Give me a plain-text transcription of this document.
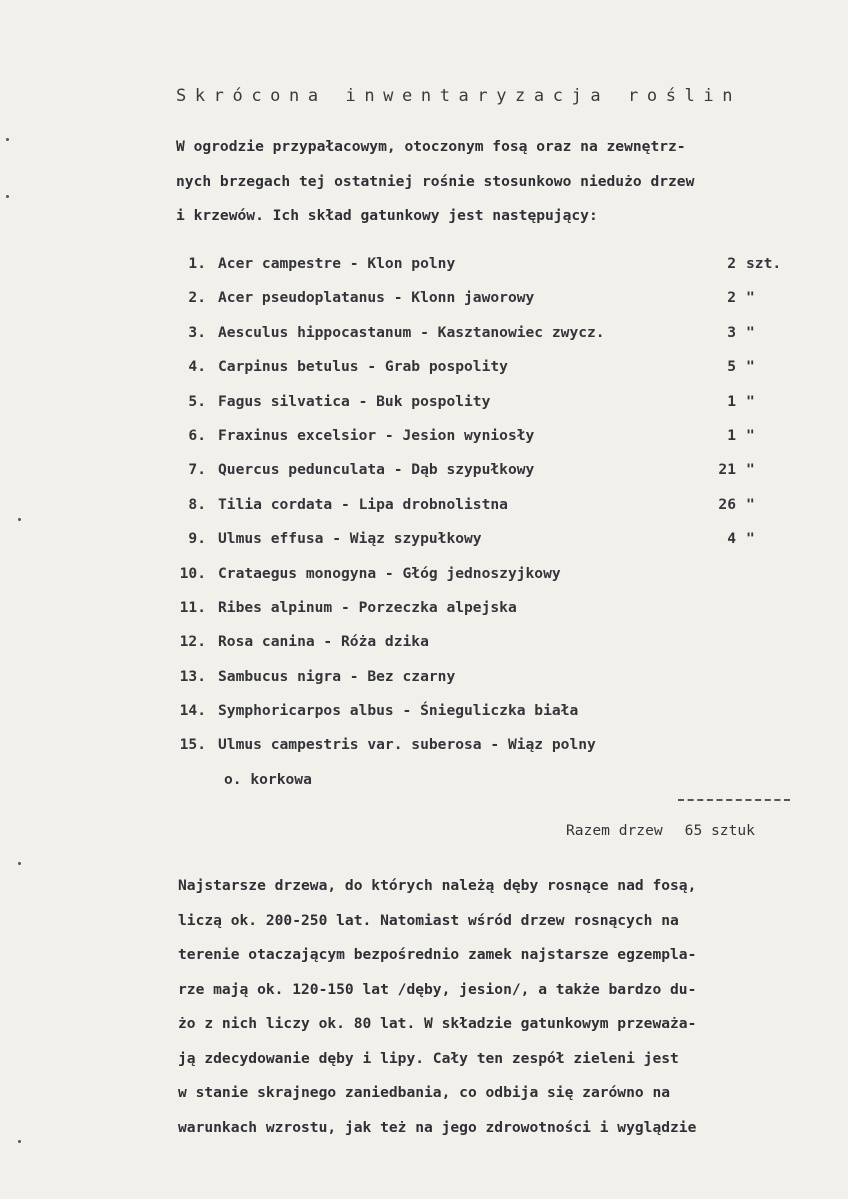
Skrócona inwentaryzacja roślin
W ogrodzie przypałacowym, otoczonym fosą oraz na zewnętrz-
nych brzegach tej ostatniej rośnie stosunkowo niedużo drzew
i krzewów. Ich skład gatunkowy jest następujący:
1. Acer campestre - Klon polny	2 szt.
2. Acer pseudoplatanus - Klonn jaworowy	2 "
3. Aesculus hippocastanum - Kasztanowiec zwycz.	3 "
4. Carpinus betulus - Grab pospolity	5 "
5. Fagus silvatica - Buk pospolity	1 "
6. Fraxinus excelsior - Jesion wyniosły	1 "
7. Quercus pedunculata - Dąb szypułkowy	21 "
8. Tilia cordata - Lipa drobnolistna	26 "
9. Ulmus effusa - Wiąz szypułkowy	4 "
10. Crataegus monogyna - Głóg jednoszyjkowy
11. Ribes alpinum - Porzeczka alpejska
12. Rosa canina - Róża dzika
13. Sambucus nigra - Bez czarny
14. Symphoricarpos albus - Śnieguliczka biała
15. Ulmus campestris var. suberosa - Wiąz polny
o. korkowa
Razem drzew 65 sztuk
Najstarsze drzewa, do których należą dęby rosnące nad fosą,
liczą ok. 200-250 lat. Natomiast wśród drzew rosnących na
terenie otaczającym bezpośrednio zamek najstarsze egzempla-
rze mają ok. 120-150 lat /dęby, jesion/, a także bardzo du-
żo z nich liczy ok. 80 lat. W składzie gatunkowym przeważa-
ją zdecydowanie dęby i lipy. Cały ten zespół zieleni jest
w stanie skrajnego zaniedbania, co odbija się zarówno na
warunkach wzrostu, jak też na jego zdrowotności i wyglądzie
